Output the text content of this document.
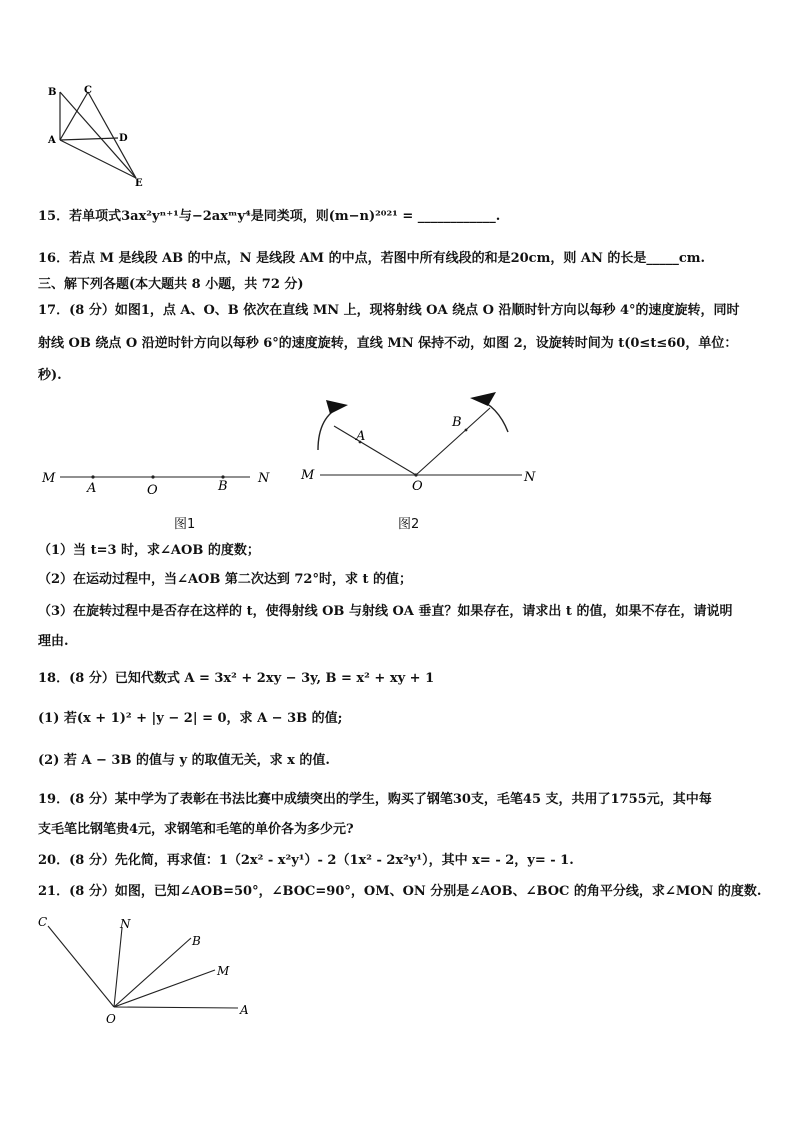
B	C
A	D
E
15．若单项式3ax²yⁿ⁺¹与−2axᵐy⁴是同类项，则(m−n)²⁰²¹ = ____________.
16．若点 M 是线段 AB 的中点，N 是线段 AM 的中点，若图中所有线段的和是20cm，则 AN 的长是_____cm.
三、解下列各题(本大题共 8 小题，共 72 分)
17．(8 分）如图1，点 A、O、B 依次在直线 MN 上，现将射线 OA 绕点 O 沿顺时针方向以每秒 4°的速度旋转，同时
射线 OB 绕点 O 沿逆时针方向以每秒 6°的速度旋转，直线 MN 保持不动，如图 2，设旋转时间为 t(0≤t≤60，单位：
秒).
M
A	O	B
N
图1
M
A
O
B
N
图2
（1）当 t=3 时，求∠AOB 的度数；
（2）在运动过程中，当∠AOB 第二次达到 72°时，求 t 的值；
（3）在旋转过程中是否存在这样的 t，使得射线 OB 与射线 OA 垂直？如果存在，请求出 t 的值，如果不存在，请说明
理由.
18．(8 分）已知代数式 A = 3x² + 2xy − 3y, B = x² + xy + 1
(1) 若(x + 1)² + |y − 2| = 0，求 A − 3B 的值;
(2) 若 A − 3B 的值与 y 的取值无关，求 x 的值.
19．(8 分）某中学为了表彰在书法比赛中成绩突出的学生，购买了钢笔30支，毛笔45 支，共用了1755元，其中每
支毛笔比钢笔贵4元，求钢笔和毛笔的单价各为多少元?
20．(8 分）先化简，再求值：1（2x² - x²y¹）- 2（1x² - 2x²y¹），其中 x= - 2，y= - 1.
21．(8 分）如图，已知∠AOB=50°，∠BOC=90°，OM、ON 分别是∠AOB、∠BOC 的角平分线，求∠MON 的度数.
C	N
B
M
O
A
